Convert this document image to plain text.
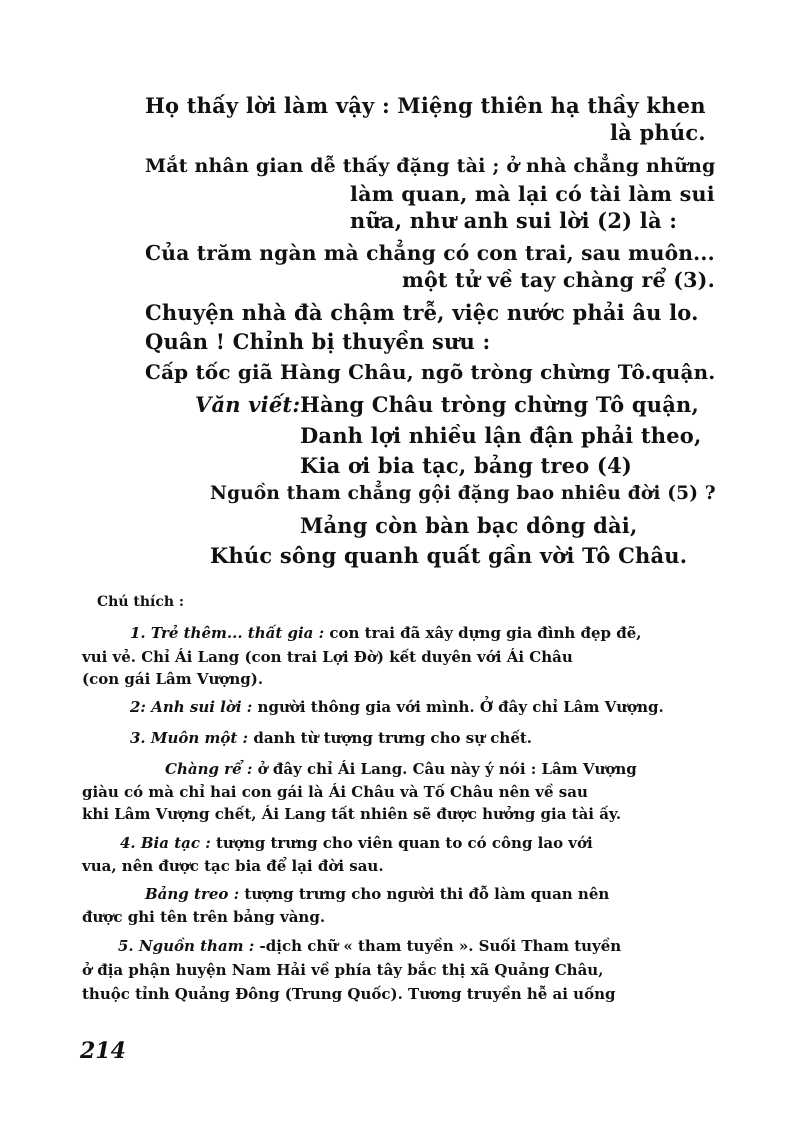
Họ thấy lời làm vậy : Miệng thiên hạ thầy khen
là phúc.
Mắt nhân gian dễ thấy đặng tài ; ở nhà chẳng những
làm quan, mà lại có tài làm sui
nữa, như anh sui lời (2) là :
Của trăm ngàn mà chẳng có con trai, sau muôn...
một tử về tay chàng rể (3).
Chuyện nhà đà chậm trễ, việc nước phải âu lo.
Quân ! Chỉnh bị thuyền sưu :
Cấp tốc giã Hàng Châu, ngõ tròng chừng Tô.quận.
Văn viết: Hàng Châu tròng chừng Tô quận,
Danh lợi nhiều lận đận phải theo,
Kia ơi bia tạc, bảng treo (4)
Nguồn tham chẳng gội đặng bao nhiêu đời (5) ?
Mảng còn bàn bạc dông dài,
Khúc sông quanh quất gần vời Tô Châu.
Chú thích :
1. Trẻ thêm... thất gia : con trai đã xây dựng gia đình đẹp đẽ,
vui vẻ. Chỉ Ái Lang (con trai Lợi Đờ) kết duyên với Ái Châu
(con gái Lâm Vượng).
2: Anh sui lời : người thông gia với mình. Ở đây chỉ Lâm Vượng.
3. Muôn một : danh từ tượng trưng cho sự chết.
Chàng rể : ở đây chỉ Ái Lang. Câu này ý nói : Lâm Vượng
giàu có mà chỉ hai con gái là Ái Châu và Tố Châu nên về sau
khi Lâm Vượng chết, Ái Lang tất nhiên sẽ được hưởng gia tài ấy.
4. Bia tạc : tượng trưng cho viên quan to có công lao với
vua, nên được tạc bia để lại đời sau.
Bảng treo : tượng trưng cho người thi đỗ làm quan nên
được ghi tên trên bảng vàng.
5. Nguồn tham : -dịch chữ « tham tuyền ». Suối Tham tuyền
ở địa phận huyện Nam Hải về phía tây bắc thị xã Quảng Châu,
thuộc tỉnh Quảng Đông (Trung Quốc). Tương truyền hễ ai uống
214
